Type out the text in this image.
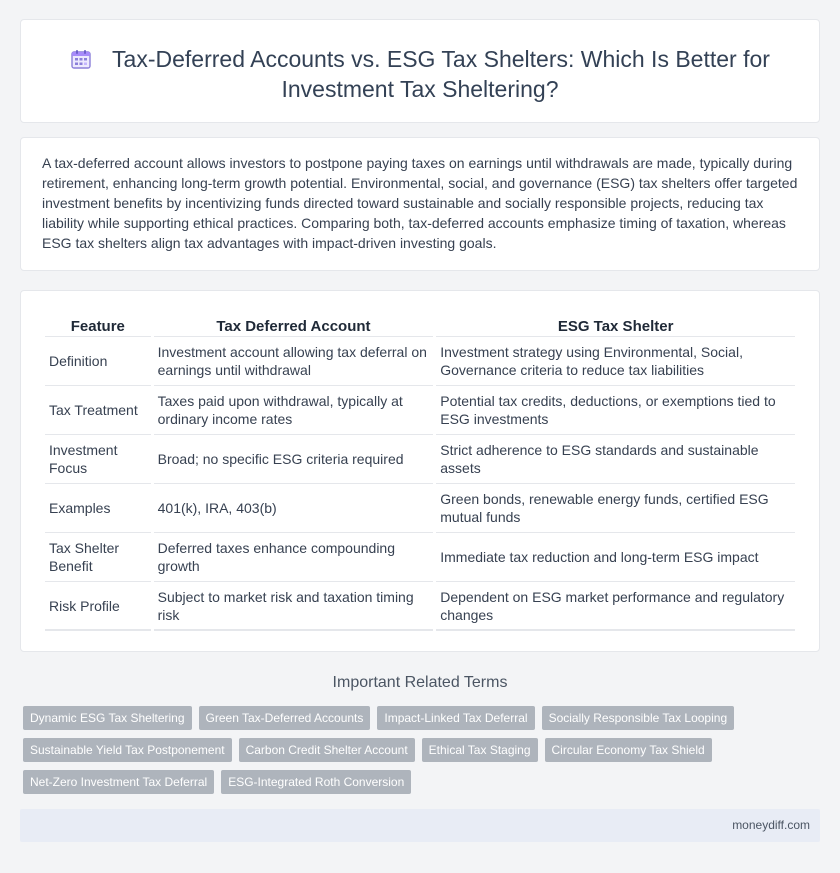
Tax-Deferred Accounts vs. ESG Tax Shelters: Which Is Better for Investment Tax Sheltering?

A tax-deferred account allows investors to postpone paying taxes on earnings until withdrawals are made, typically during retirement, enhancing long-term growth potential. Environmental, social, and governance (ESG) tax shelters offer targeted investment benefits by incentivizing funds directed toward sustainable and socially responsible projects, reducing tax liability while supporting ethical practices. Comparing both, tax-deferred accounts emphasize timing of taxation, whereas ESG tax shelters align tax advantages with impact-driven investing goals.

Feature	Tax Deferred Account	ESG Tax Shelter
Definition	Investment account allowing tax deferral on earnings until withdrawal	Investment strategy using Environmental, Social, Governance criteria to reduce tax liabilities
Tax Treatment	Taxes paid upon withdrawal, typically at ordinary income rates	Potential tax credits, deductions, or exemptions tied to ESG investments
Investment Focus	Broad; no specific ESG criteria required	Strict adherence to ESG standards and sustainable assets
Examples	401(k), IRA, 403(b)	Green bonds, renewable energy funds, certified ESG mutual funds
Tax Shelter Benefit	Deferred taxes enhance compounding growth	Immediate tax reduction and long-term ESG impact
Risk Profile	Subject to market risk and taxation timing risk	Dependent on ESG market performance and regulatory changes
Important Related Terms
Dynamic ESG Tax Sheltering	Green Tax-Deferred Accounts	Impact-Linked Tax Deferral	Socially Responsible Tax Looping
Sustainable Yield Tax Postponement	Carbon Credit Shelter Account	Ethical Tax Staging	Circular Economy Tax Shield
Net-Zero Investment Tax Deferral	ESG-Integrated Roth Conversion
moneydiff.com
